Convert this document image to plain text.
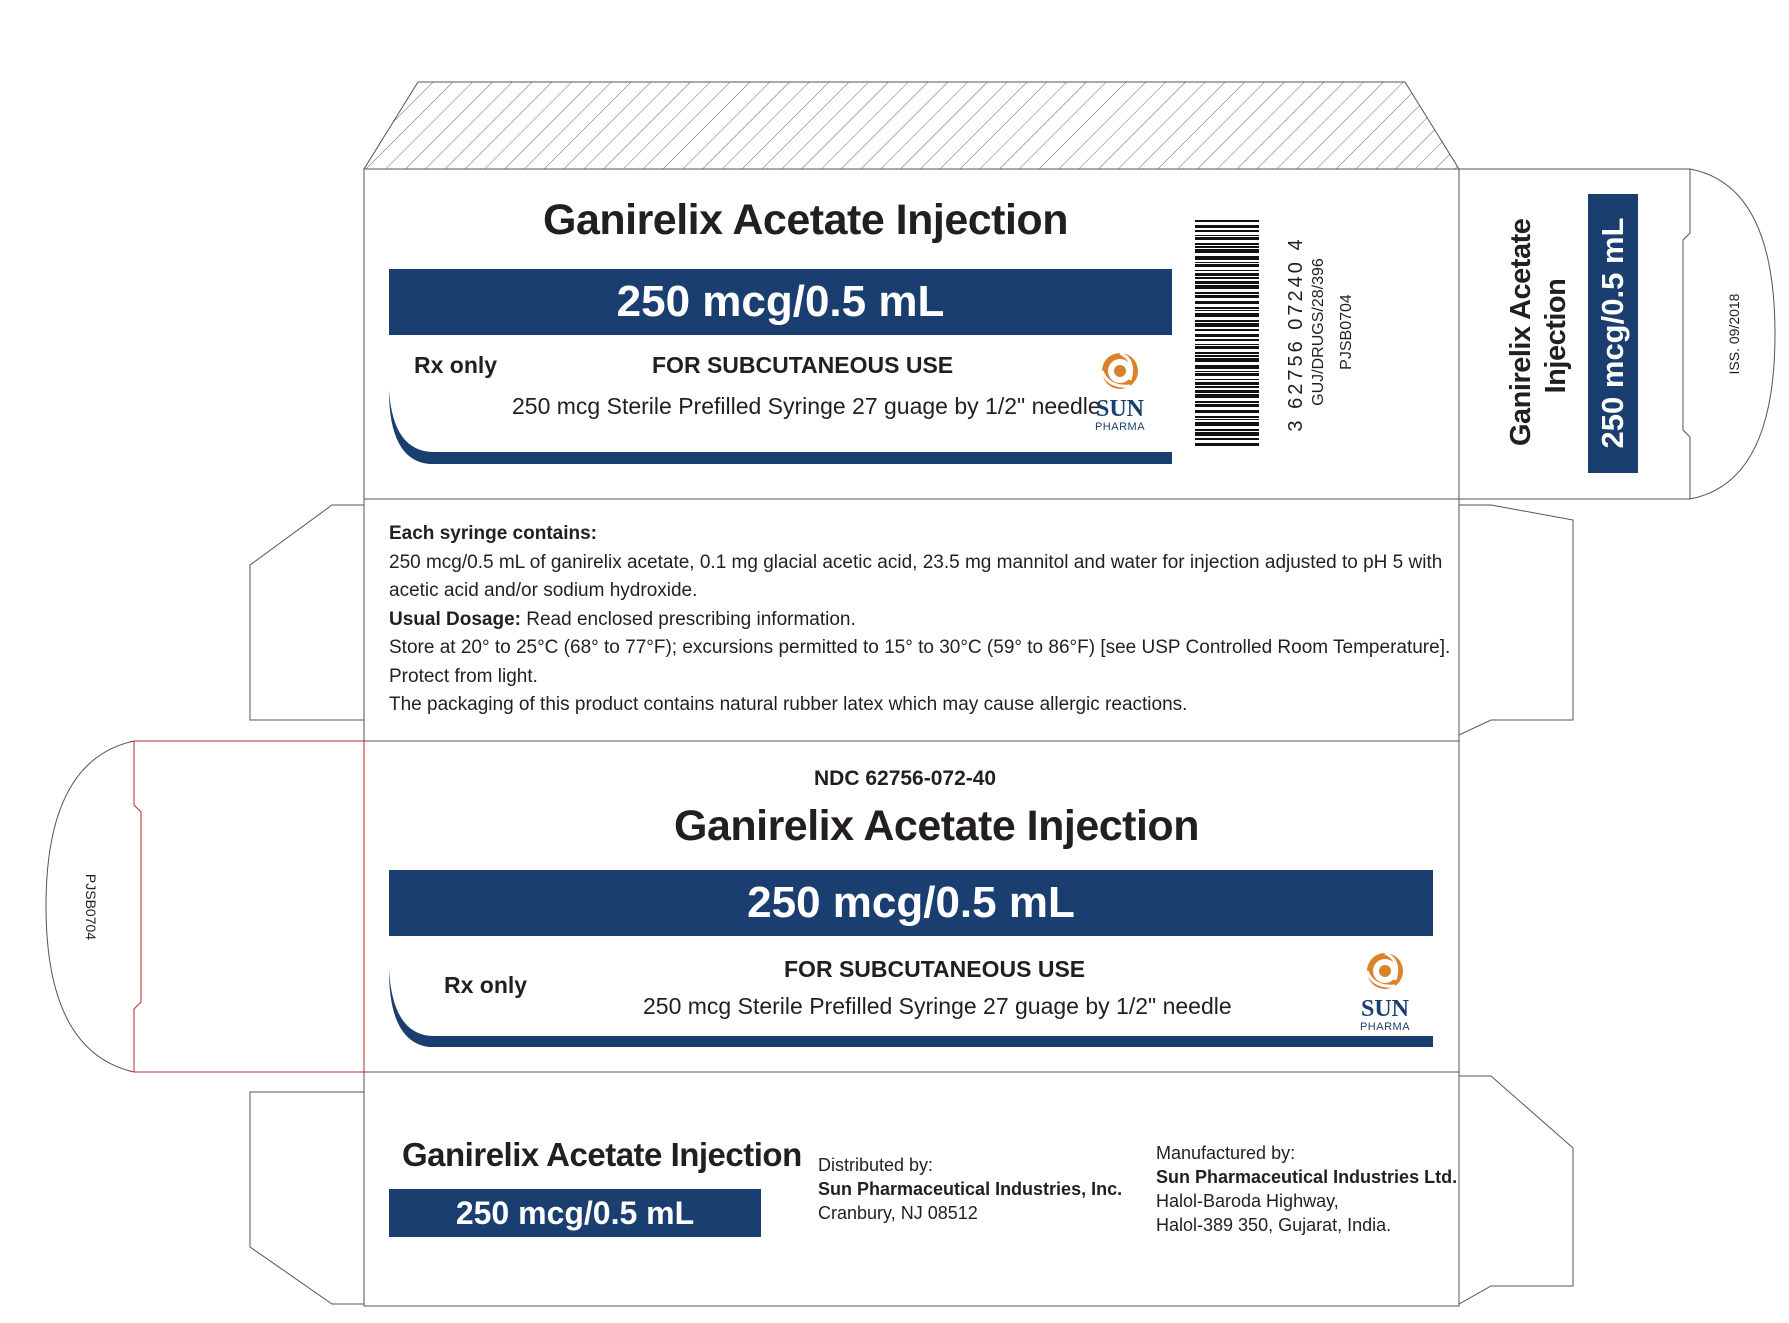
Ganirelix Acetate Injection
250 mcg/0.5 mL
Rx only	FOR SUBCUTANEOUS USE
250 mcg Sterile Prefilled Syringe 27 guage by 1/2" needle
SUN
PHARMA	3 62756 07240 4 GUJ/DRUGS/28/396 PJSB0704	Ganirelix Acetate Injection 250 mcg/0.5 mL	ISS. 09/2018
Each syringe contains:
250 mcg/0.5 mL of ganirelix acetate, 0.1 mg glacial acetic acid, 23.5 mg mannitol and water for injection adjusted to pH 5 with
acetic acid and/or sodium hydroxide.
Usual Dosage: Read enclosed prescribing information.
Store at 20° to 25°C (68° to 77°F); excursions permitted to 15° to 30°C (59° to 86°F) [see USP Controlled Room Temperature].
Protect from light.
The packaging of this product contains natural rubber latex which may cause allergic reactions.
PJSB0704
NDC 62756-072-40
Ganirelix Acetate Injection
250 mcg/0.5 mL
Rx only
FOR SUBCUTANEOUS USE
250 mcg Sterile Prefilled Syringe 27 guage by 1/2" needle	SUN
PHARMA
Ganirelix Acetate Injection
250 mcg/0.5 mL
Distributed by:
Sun Pharmaceutical Industries, Inc.
Cranbury, NJ 08512
Manufactured by:
Sun Pharmaceutical Industries Ltd.
Halol-Baroda Highway,
Halol-389 350, Gujarat, India.
